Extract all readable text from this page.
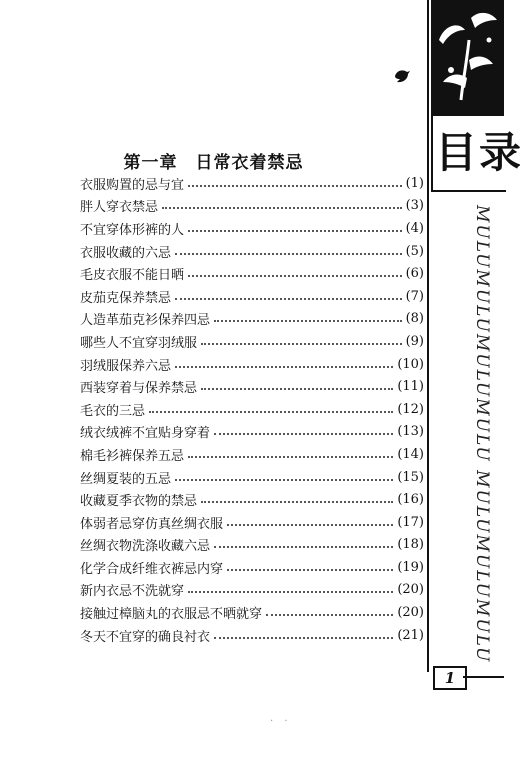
目 录
MULUMULUMULUMULU MULUMULUMULU
1
第一章　日常衣着禁忌
衣服购置的忌与宜	(1)
胖人穿衣禁忌	(3)
不宜穿体形裤的人	(4)
衣服收藏的六忌	(5)
毛皮衣服不能日晒	(6)
皮茄克保养禁忌	(7)
人造革茄克衫保养四忌	(8)
哪些人不宜穿羽绒服	(9)
羽绒服保养六忌	(10)
西装穿着与保养禁忌	(11)
毛衣的三忌	(12)
绒衣绒裤不宜贴身穿着	(13)
棉毛衫裤保养五忌	(14)
丝绸夏装的五忌	(15)
收藏夏季衣物的禁忌	(16)
体弱者忌穿仿真丝绸衣服	(17)
丝绸衣物洗涤收藏六忌	(18)
化学合成纤维衣裤忌内穿	(19)
新内衣忌不洗就穿	(20)
接触过樟脑丸的衣服忌不晒就穿	(20)
冬天不宜穿的确良衬衣	(21)
· ·
